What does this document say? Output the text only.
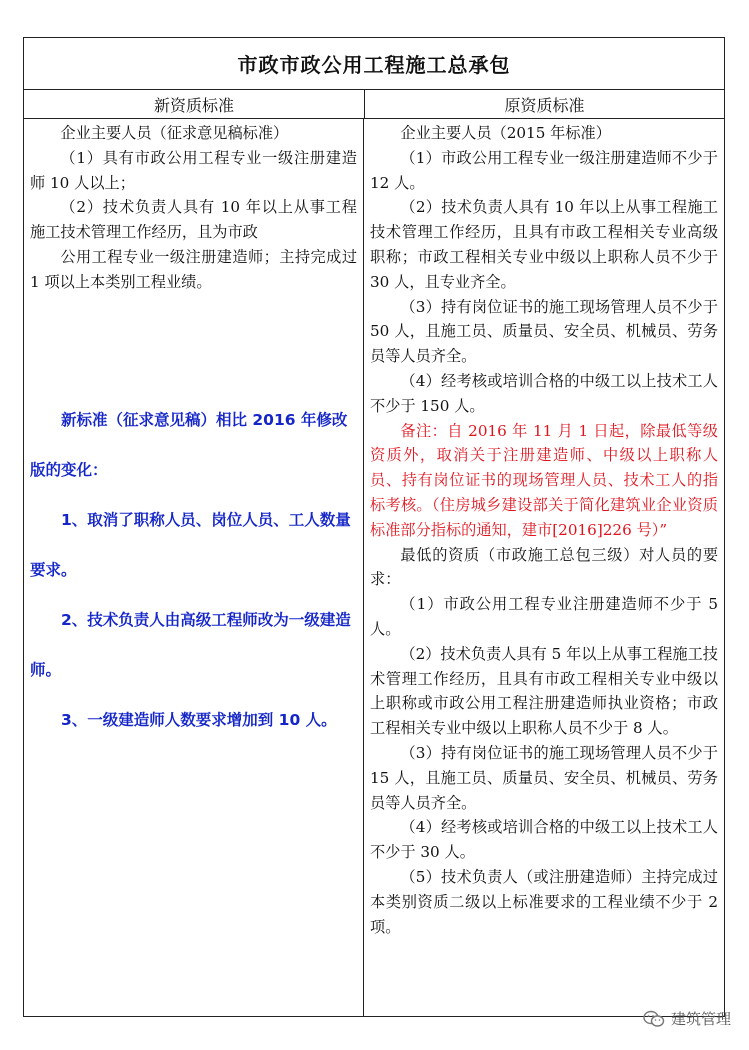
市政市政公用工程施工总承包
新资质标准	原资质标准

企业主要人员（征求意见稿标准）

（1）具有市政公用工程专业一级注册建造师 10 人以上；

（2）技术负责人具有 10 年以上从事工程施工技术管理工作经历，且为市政

公用工程专业一级注册建造师；主持完成过 1 项以上本类别工程业绩。

新标准（征求意见稿）相比 2016 年修改版的变化：

1、取消了职称人员、岗位人员、工人数量要求。

2、技术负责人由高级工程师改为一级建造师。

3、一级建造师人数要求增加到 10 人。

企业主要人员（2015 年标准）

（1）市政公用工程专业一级注册建造师不少于 12 人。

（2）技术负责人具有 10 年以上从事工程施工技术管理工作经历，且具有市政工程相关专业高级职称；市政工程相关专业中级以上职称人员不少于 30 人，且专业齐全。

（3）持有岗位证书的施工现场管理人员不少于 50 人，且施工员、质量员、安全员、机械员、劳务员等人员齐全。

（4）经考核或培训合格的中级工以上技术工人不少于 150 人。

备注：自 2016 年 11 月 1 日起，除最低等级资质外，取消关于注册建造师、中级以上职称人员、持有岗位证书的现场管理人员、技术工人的指标考核。（住房城乡建设部关于简化建筑业企业资质标准部分指标的通知，建市[2016]226 号）”

最低的资质（市政施工总包三级）对人员的要求：

（1）市政公用工程专业注册建造师不少于 5 人。

（2）技术负责人具有 5 年以上从事工程施工技术管理工作经历，且具有市政工程相关专业中级以上职称或市政公用工程注册建造师执业资格；市政工程相关专业中级以上职称人员不少于 8 人。

（3）持有岗位证书的施工现场管理人员不少于 15 人，且施工员、质量员、安全员、机械员、劳务员等人员齐全。

（4）经考核或培训合格的中级工以上技术工人不少于 30 人。

（5）技术负责人（或注册建造师）主持完成过本类别资质二级以上标准要求的工程业绩不少于 2 项。

建筑管理
